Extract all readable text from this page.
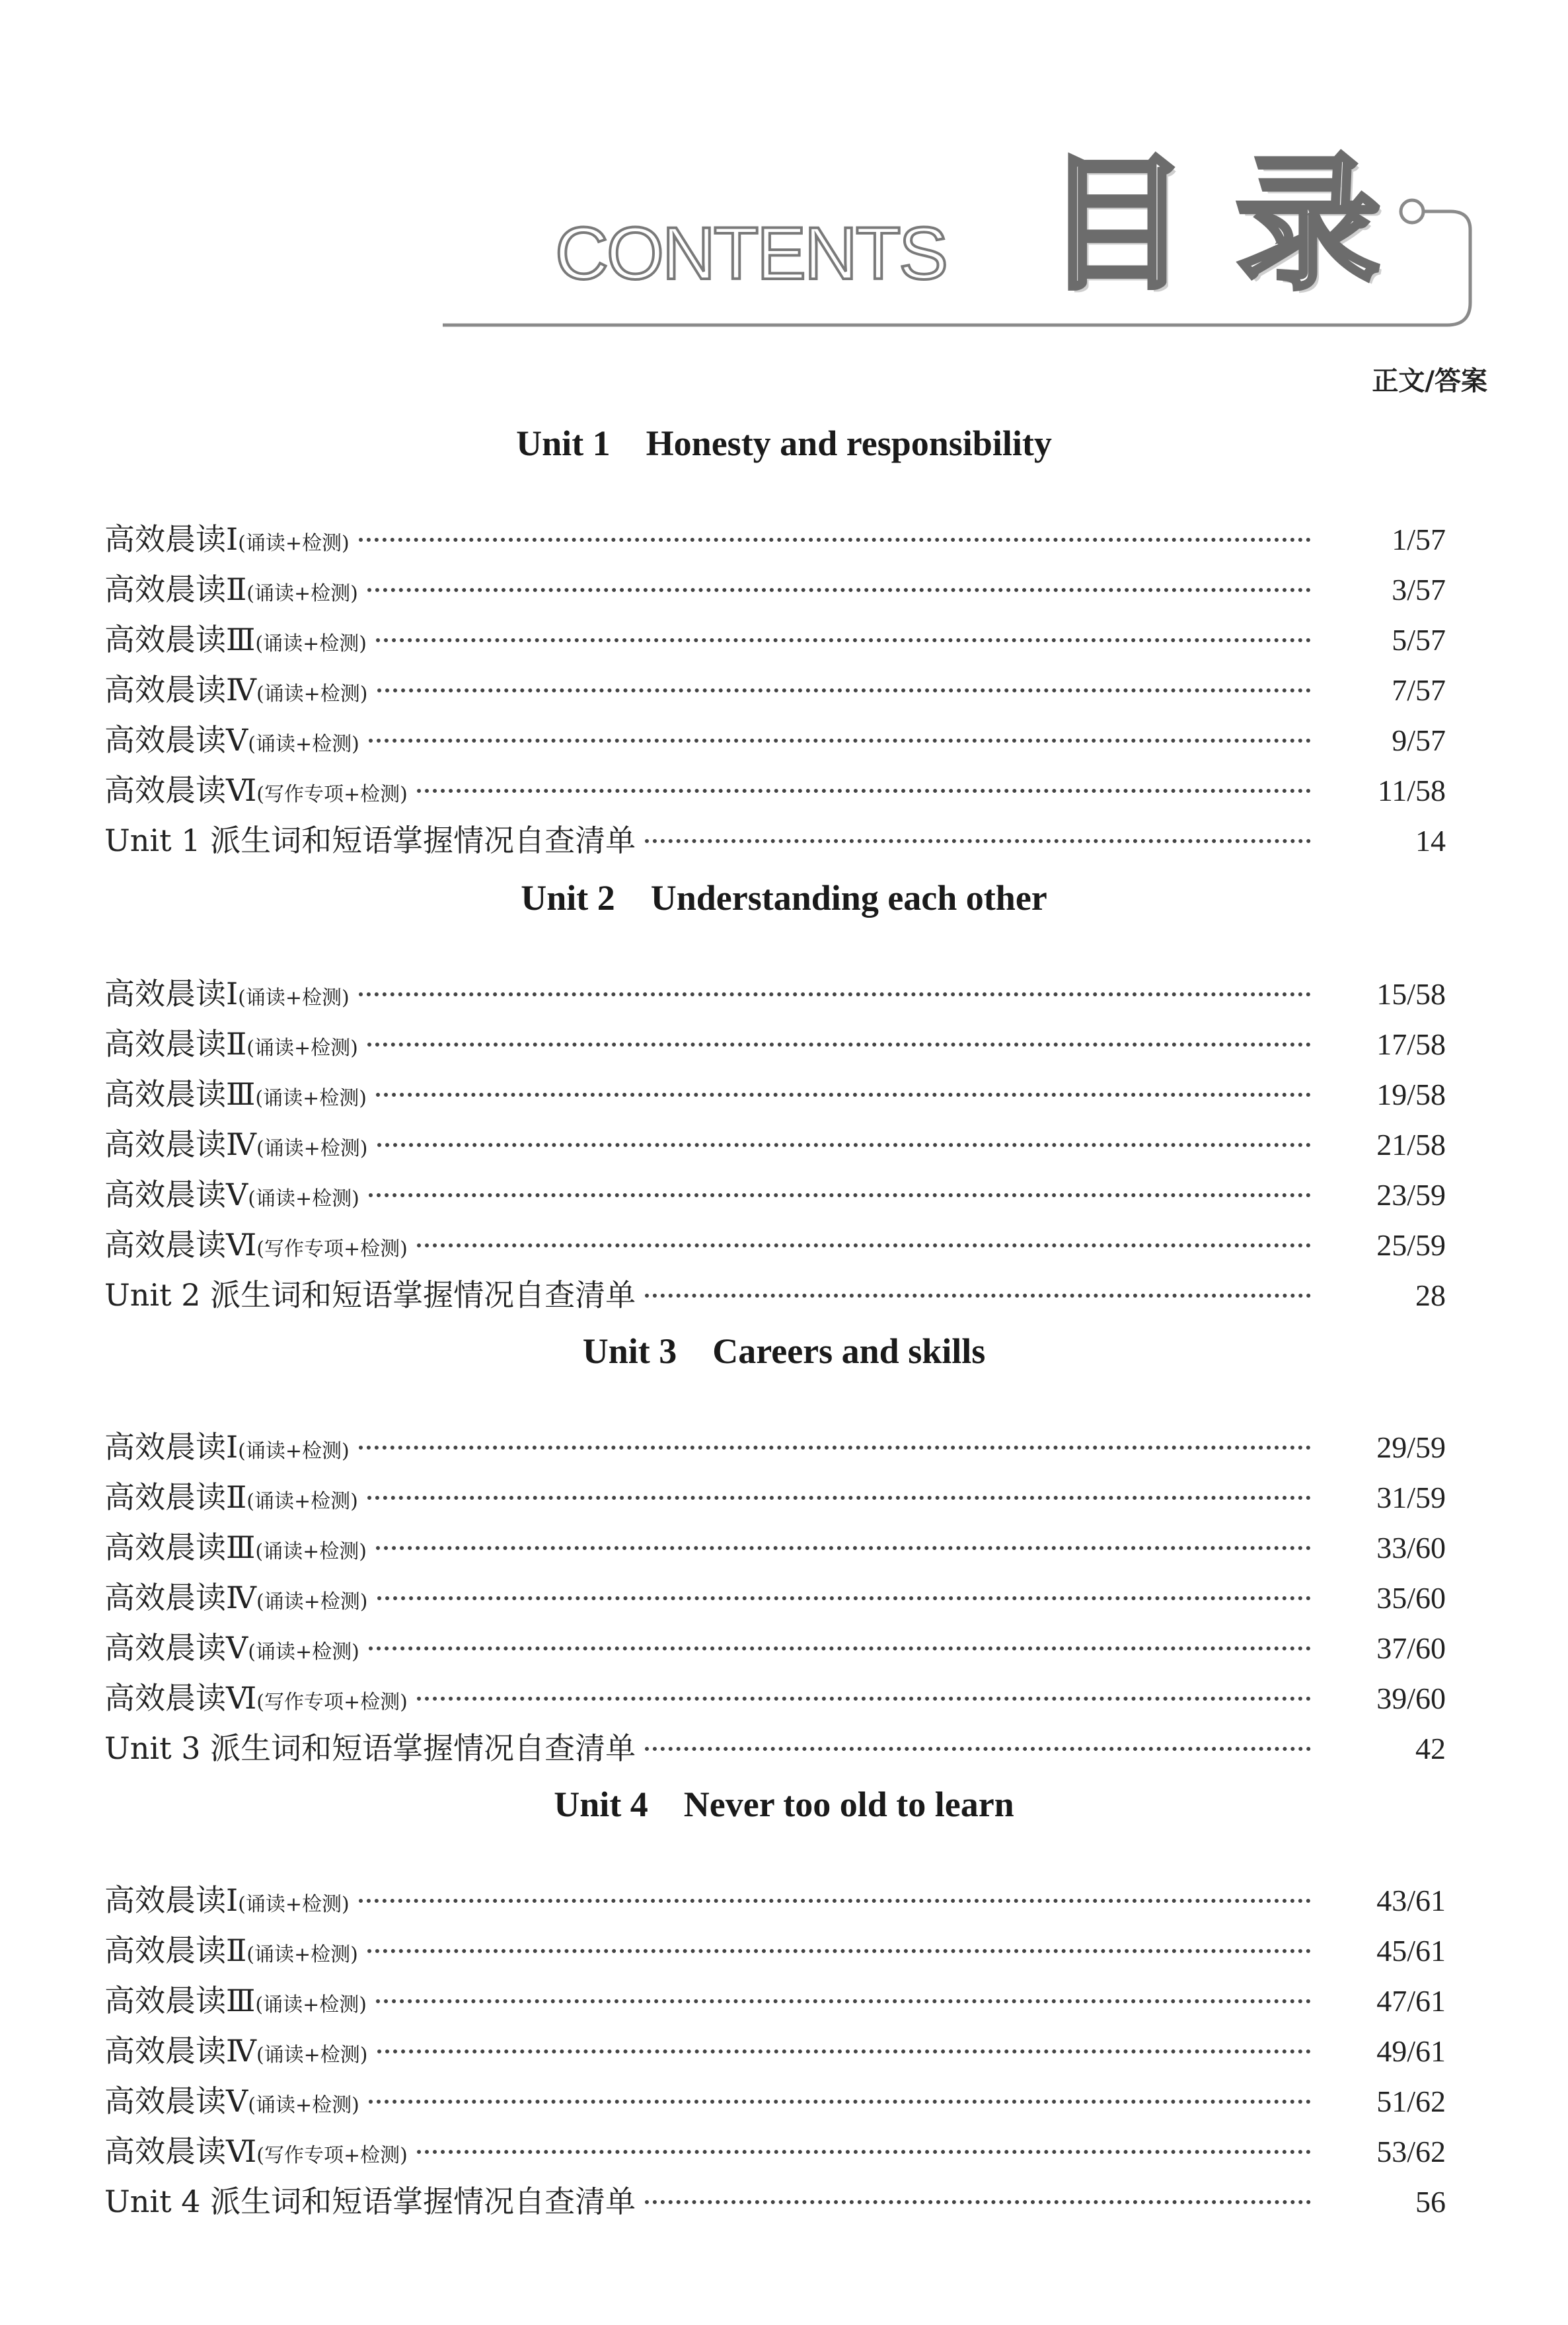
CONTENTS 目录
正文/答案
Unit 1    Honesty and responsibility
高效晨读Ⅰ (诵读+检测)	1/57
高效晨读Ⅱ (诵读+检测)	3/57
高效晨读Ⅲ (诵读+检测)	5/57
高效晨读Ⅳ (诵读+检测)	7/57
高效晨读Ⅴ (诵读+检测)	9/57
高效晨读Ⅵ (写作专项+检测)	11/58
Unit 1 派生词和短语掌握情况自查清单	14
Unit 2    Understanding each other
高效晨读Ⅰ (诵读+检测)	15/58
高效晨读Ⅱ (诵读+检测)	17/58
高效晨读Ⅲ (诵读+检测)	19/58
高效晨读Ⅳ (诵读+检测)	21/58
高效晨读Ⅴ (诵读+检测)	23/59
高效晨读Ⅵ (写作专项+检测)	25/59
Unit 2 派生词和短语掌握情况自查清单	28
Unit 3    Careers and skills
高效晨读Ⅰ (诵读+检测)	29/59
高效晨读Ⅱ (诵读+检测)	31/59
高效晨读Ⅲ (诵读+检测)	33/60
高效晨读Ⅳ (诵读+检测)	35/60
高效晨读Ⅴ (诵读+检测)	37/60
高效晨读Ⅵ (写作专项+检测)	39/60
Unit 3 派生词和短语掌握情况自查清单	42
Unit 4    Never too old to learn
高效晨读Ⅰ (诵读+检测)	43/61
高效晨读Ⅱ (诵读+检测)	45/61
高效晨读Ⅲ (诵读+检测)	47/61
高效晨读Ⅳ (诵读+检测)	49/61
高效晨读Ⅴ (诵读+检测)	51/62
高效晨读Ⅵ (写作专项+检测)	53/62
Unit 4 派生词和短语掌握情况自查清单	56
